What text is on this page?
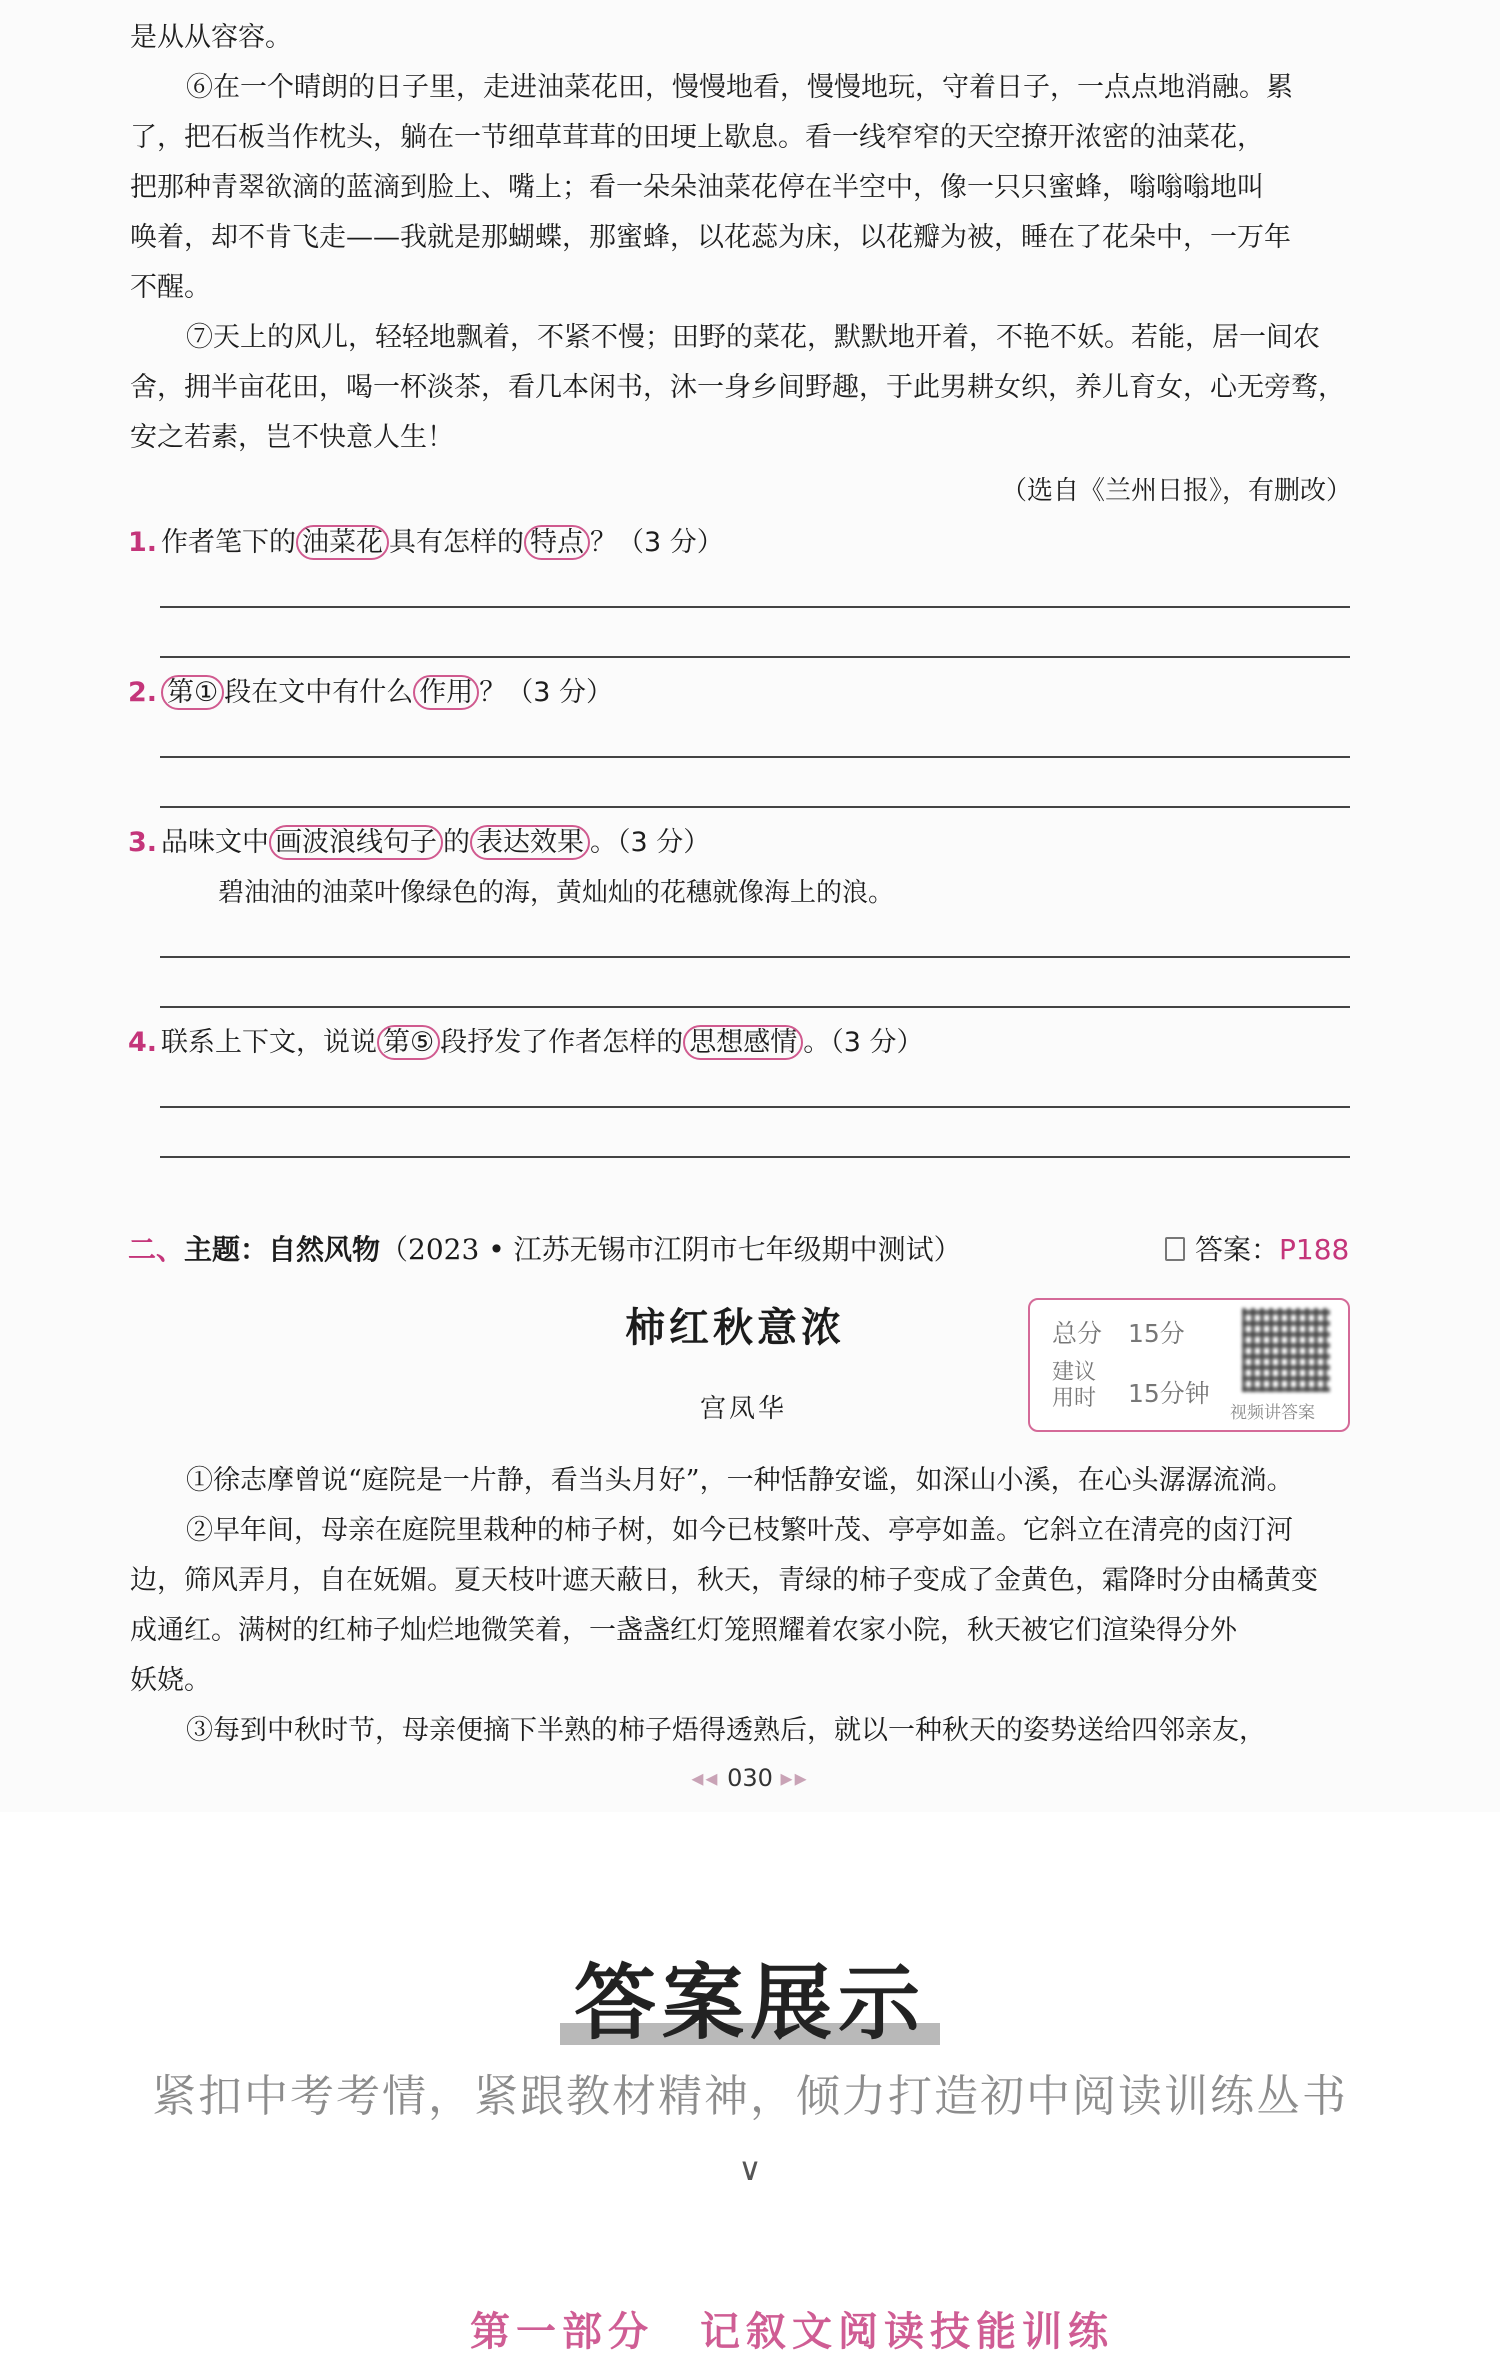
是从从容容。
⑥在一个晴朗的日子里，走进油菜花田，慢慢地看，慢慢地玩，守着日子，一点点地消融。累
了，把石板当作枕头，躺在一节细草茸茸的田埂上歇息。看一线窄窄的天空撩开浓密的油菜花，
把那种青翠欲滴的蓝滴到脸上、嘴上；看一朵朵油菜花停在半空中，像一只只蜜蜂，嗡嗡嗡地叫
唤着，却不肯飞走——我就是那蝴蝶，那蜜蜂，以花蕊为床，以花瓣为被，睡在了花朵中，一万年
不醒。
⑦天上的风儿，轻轻地飘着，不紧不慢；田野的菜花，默默地开着，不艳不妖。若能，居一间农
舍，拥半亩花田，喝一杯淡茶，看几本闲书，沐一身乡间野趣，于此男耕女织，养儿育女，心无旁骛，
安之若素，岂不快意人生！
（选自《兰州日报》，有删改）
1. 作者笔下的 油菜花 具有怎样的 特点 ？（3 分）
2. 第① 段在文中有什么 作用 ？（3 分）
3. 品味文中 画波浪线句子 的 表达效果 。（3 分）
碧油油的油菜叶像绿色的海，黄灿灿的花穗就像海上的浪。
4. 联系上下文，说说 第⑤ 段抒发了作者怎样的 思想感情 。（3 分）
二、主题：自然风物（2023 • 江苏无锡市江阴市七年级期中测试）	答案：P188
柿红秋意浓
宫凤华
总分 15分
建议用时	15分钟
视频讲答案
①徐志摩曾说“庭院是一片静，看当头月好”，一种恬静安谧，如深山小溪，在心头潺潺流淌。
②早年间，母亲在庭院里栽种的柿子树，如今已枝繁叶茂、亭亭如盖。它斜立在清亮的卤汀河
边，筛风弄月，自在妩媚。夏天枝叶遮天蔽日，秋天，青绿的柿子变成了金黄色，霜降时分由橘黄变
成通红。满树的红柿子灿烂地微笑着，一盏盏红灯笼照耀着农家小院，秋天被它们渲染得分外
妖娆。
③每到中秋时节，母亲便摘下半熟的柿子焐得透熟后，就以一种秋天的姿势送给四邻亲友，
◂◂ 030 ▸▸
答案展示
紧扣中考考情，紧跟教材精神，倾力打造初中阅读训练丛书
∨
第一部分　记叙文阅读技能训练
